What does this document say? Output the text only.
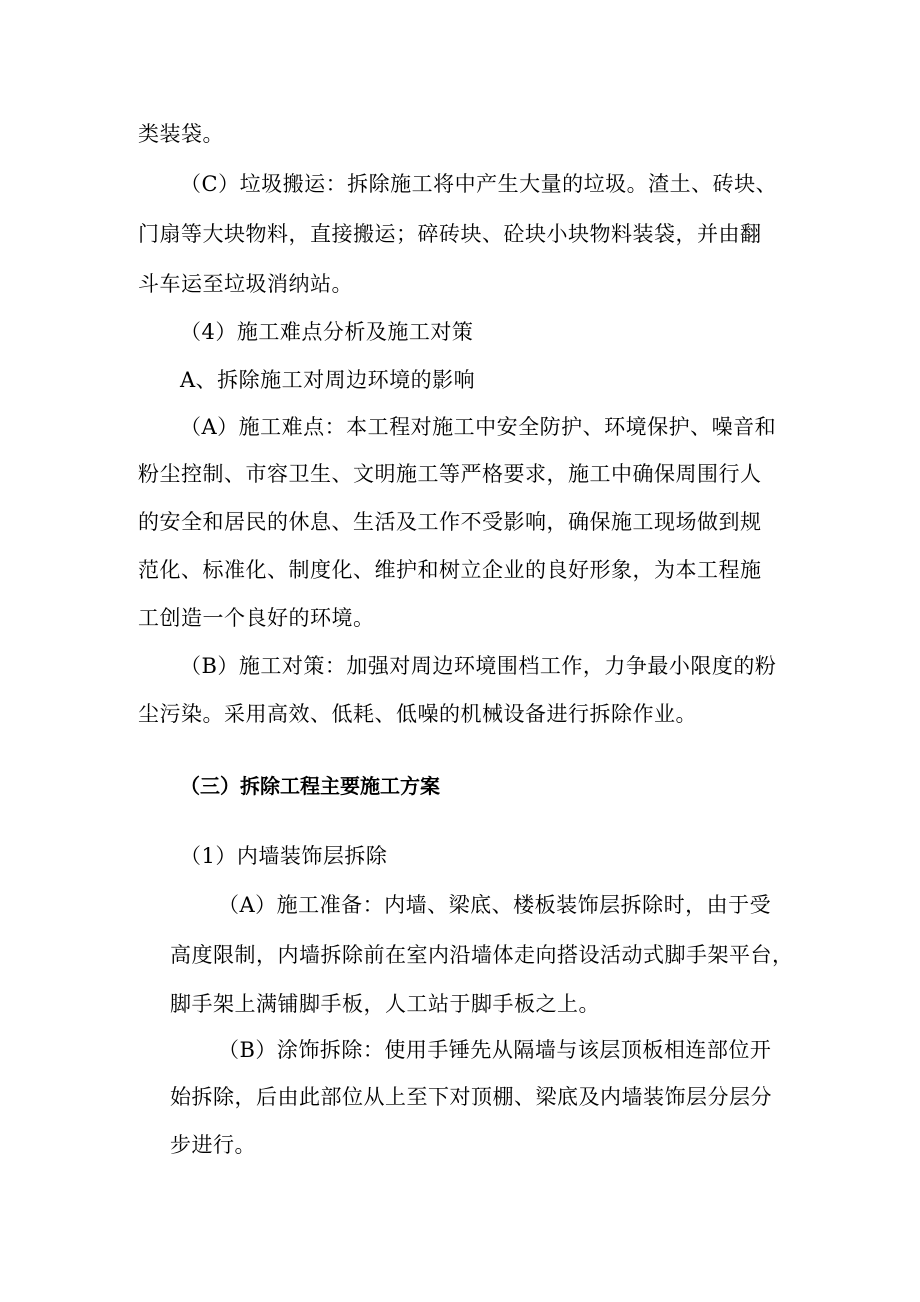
类装袋。
（C）垃圾搬运：拆除施工将中产生大量的垃圾。渣土、砖块、
门扇等大块物料，直接搬运；碎砖块、砼块小块物料装袋，并由翻
斗车运至垃圾消纳站。
（4）施工难点分析及施工对策
A、拆除施工对周边环境的影响
（A）施工难点：本工程对施工中安全防护、环境保护、噪音和
粉尘控制、市容卫生、文明施工等严格要求，施工中确保周围行人
的安全和居民的休息、生活及工作不受影响，确保施工现场做到规
范化、标准化、制度化、维护和树立企业的良好形象，为本工程施
工创造一个良好的环境。
（B）施工对策：加强对周边环境围档工作，力争最小限度的粉
尘污染。采用高效、低耗、低噪的机械设备进行拆除作业。
（三）拆除工程主要施工方案
（1）内墙装饰层拆除
（A）施工准备：内墙、梁底、楼板装饰层拆除时，由于受
高度限制，内墙拆除前在室内沿墙体走向搭设活动式脚手架平台，
脚手架上满铺脚手板，人工站于脚手板之上。
（B）涂饰拆除：使用手锤先从隔墙与该层顶板相连部位开
始拆除，后由此部位从上至下对顶棚、梁底及内墙装饰层分层分
步进行。
